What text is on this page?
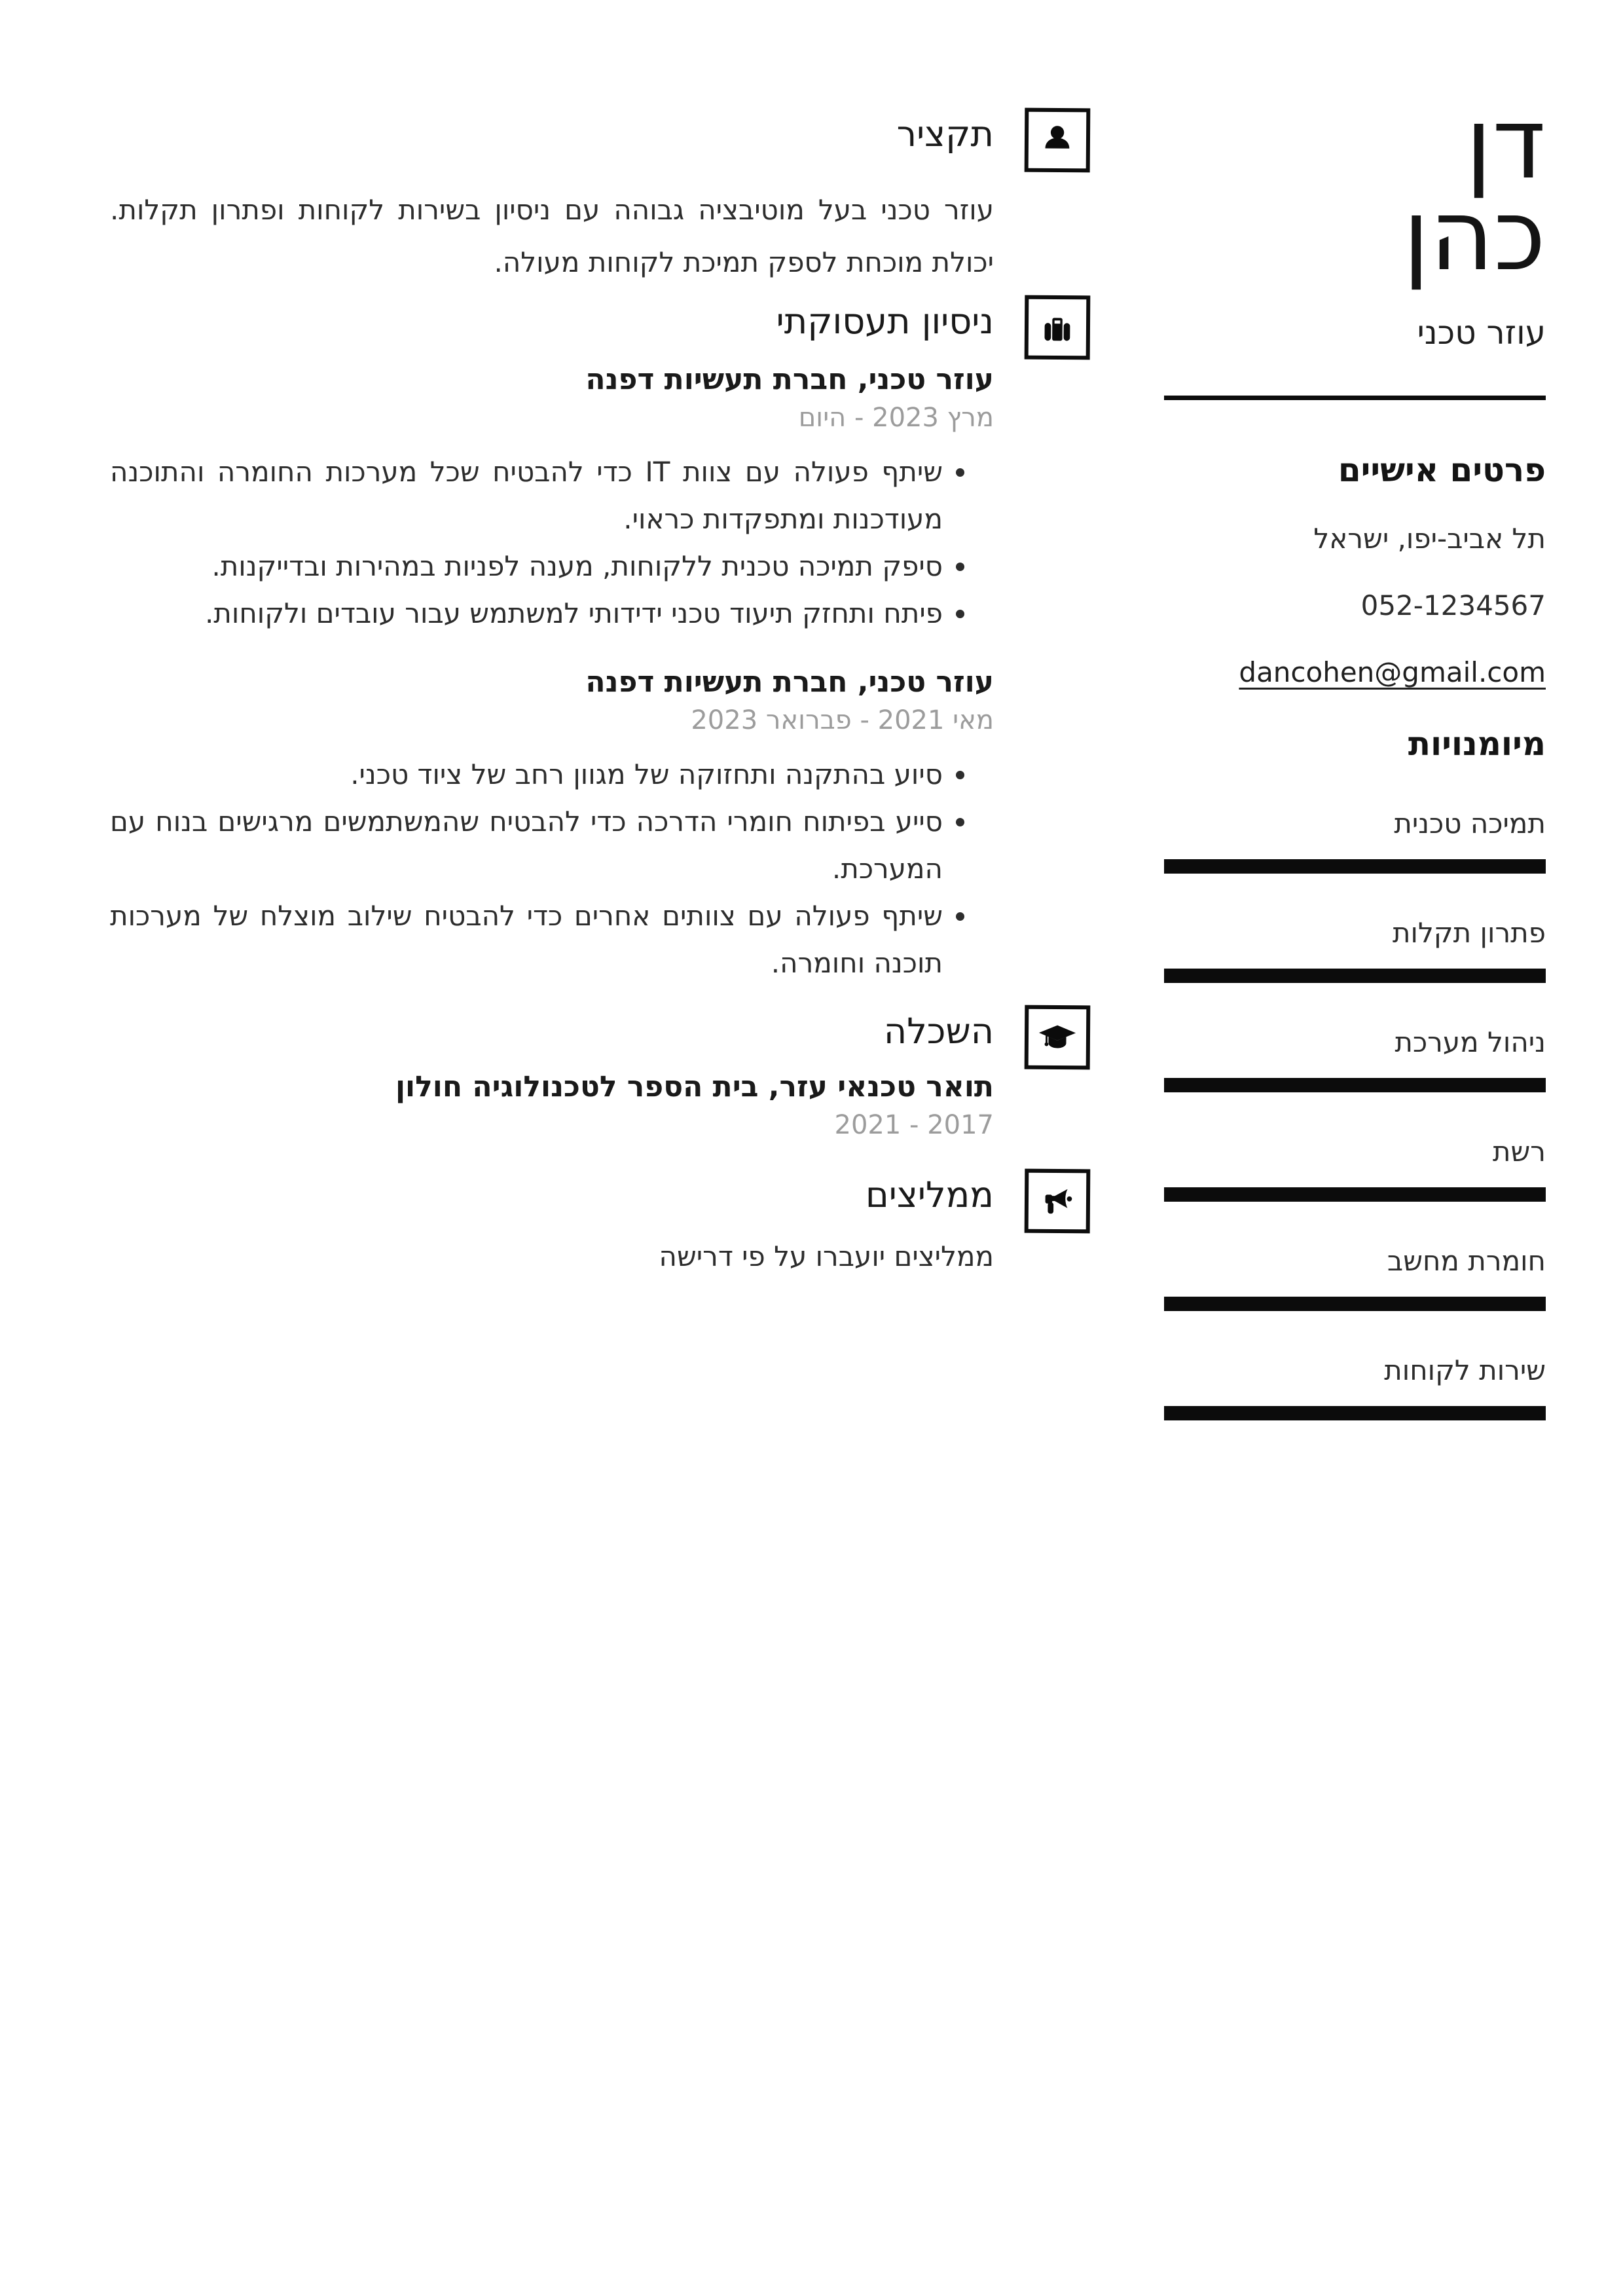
תקציר

עוזר טכני בעל מוטיבציה גבוהה עם ניסיון בשירות לקוחות ופתרון תקלות. יכולת מוכחת לספק תמיכת לקוחות מעולה.

ניסיון תעסוקתי
עוזר טכני, חברת תעשיות דפנה
מרץ 2023 - היום
• שיתף פעולה עם צוות IT כדי להבטיח שכל מערכות החומרה והתוכנה מעודכנות ומתפקדות כראוי.
• סיפק תמיכה טכנית ללקוחות, מענה לפניות במהירות ובדייקנות.
• פיתח ותחזק תיעוד טכני ידידותי למשתמש עבור עובדים ולקוחות.
עוזר טכני, חברת תעשיות דפנה
מאי 2021 - פברואר 2023
• סיוע בהתקנה ותחזוקה של מגוון רחב של ציוד טכני.
• סייע בפיתוח חומרי הדרכה כדי להבטיח שהמשתמשים מרגישים בנוח עם המערכת.
• שיתף פעולה עם צוותים אחרים כדי להבטיח שילוב מוצלח של מערכות תוכנה וחומרה.
השכלה
תואר טכנאי עזר, בית הספר לטכנולוגיה חולון
2017 - 2021
ממליצים

ממליצים יועברו על פי דרישה

דן
כהן
עוזר טכני
פרטים אישיים

תל אביב-יפו, ישראל

052-1234567

dancohen@gmail.com

מיומנויות
תמיכה טכנית
פתרון תקלות
ניהול מערכת
רשת
חומרת מחשב
שירות לקוחות
